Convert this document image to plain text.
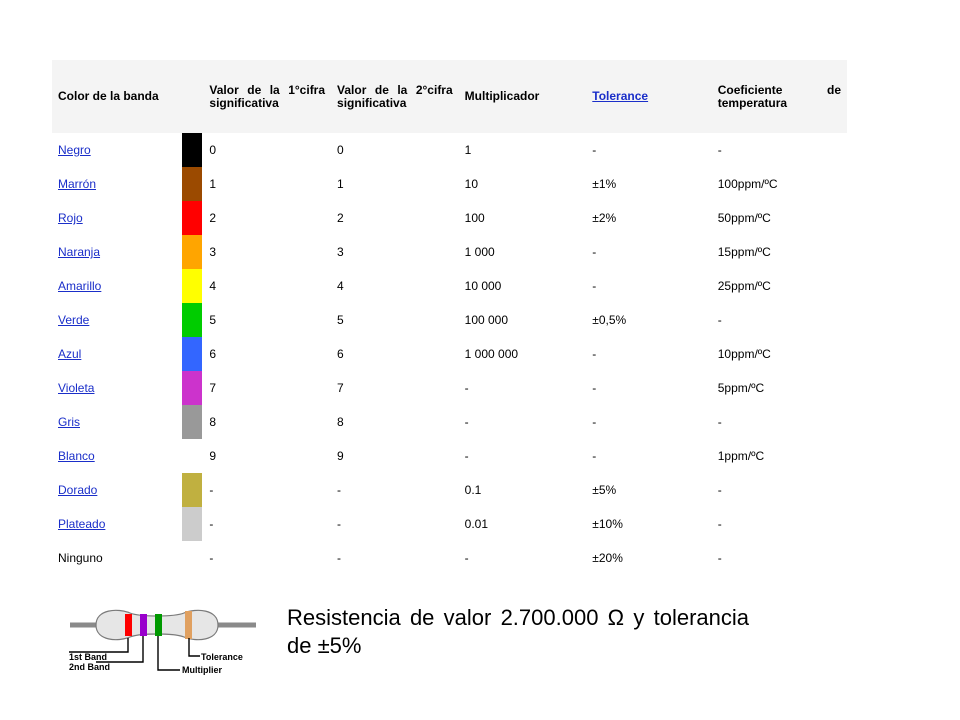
Color de la banda		Valor de la 1°cifra significativa	Valor de la 2°cifra significativa	Multiplicador	Tolerance	Coeficiente de temperatura
Negro		0	0	1	-	-
Marrón		1	1	10	±1%	100ppm/ºC
Rojo		2	2	100	±2%	50ppm/ºC
Naranja		3	3	1 000	-	15ppm/ºC
Amarillo		4	4	10 000	-	25ppm/ºC
Verde		5	5	100 000	±0,5%	-
Azul		6	6	1 000 000	-	10ppm/ºC
Violeta		7	7	-	-	5ppm/ºC
Gris		8	8	-	-	-
Blanco		9	9	-	-	1ppm/ºC
Dorado		-	-	0.1	±5%	-
Plateado		-	-	0.01	±10%	-
Ninguno		-	-	-	±20%	-
1st Band
2nd Band
Tolerance
Multiplier
Resistencia de valor 2.700.000 Ω y tolerancia de ±5%
